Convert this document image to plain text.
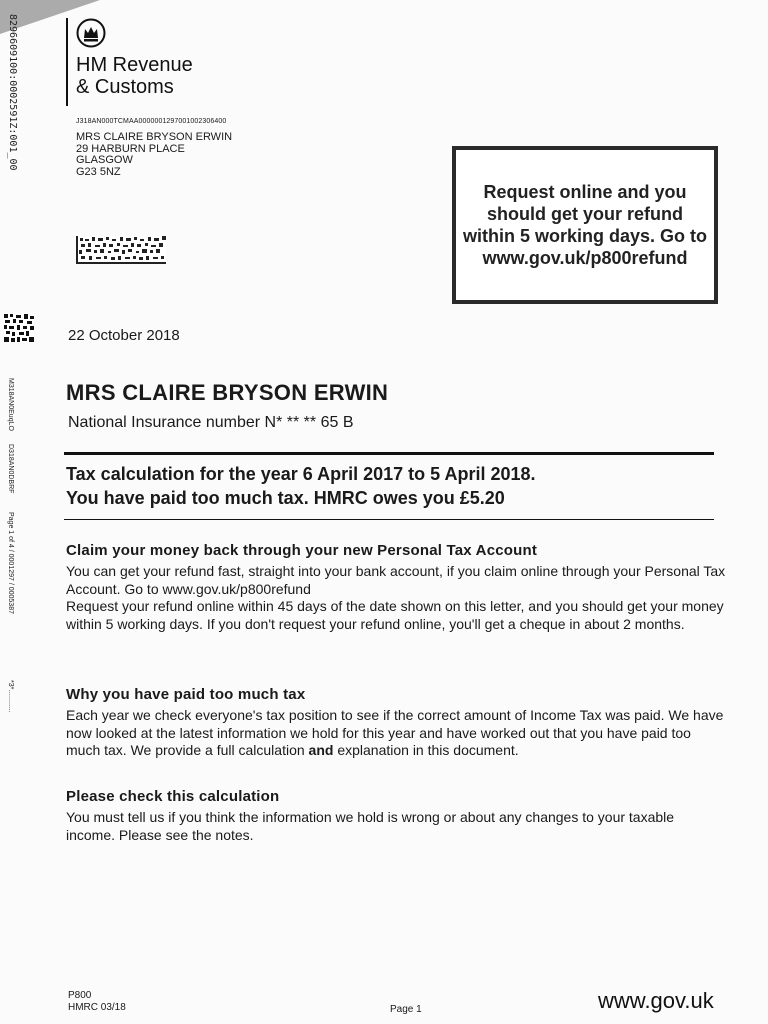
8296609100:0002591Z:001_00
M318AN0EuqLO
D318AN0DBRF
Page 1 of 4 / 0001297 / 0005387
*3*............
HM Revenue
& Customs
J318AN000TCMAA0000001297001002306400
MRS CLAIRE BRYSON ERWIN
29 HARBURN PLACE
GLASGOW
G23 5NZ
Request online and you should get your refund within 5 working days. Go to
www.gov.uk/p800refund
22 October 2018
MRS CLAIRE BRYSON ERWIN
National Insurance number N* ** ** 65 B
Tax calculation for the year 6 April 2017 to 5 April 2018.
You have paid too much tax. HMRC owes you £5.20
Claim your money back through your new Personal Tax Account

You can get your refund fast, straight into your bank account, if you claim online through your Personal Tax Account. Go to www.gov.uk/p800refund

Request your refund online within 45 days of the date shown on this letter, and you should get your money within 5 working days. If you don't request your refund online, you'll get a cheque in about 2 months.

Why you have paid too much tax

Each year we check everyone's tax position to see if the correct amount of Income Tax was paid. We have now looked at the latest information we hold for this year and have worked out that you have paid too much tax. We provide a full calculation and explanation in this document.

Please check this calculation

You must tell us if you think the information we hold is wrong or about any changes to your taxable income. Please see the notes.

P800
HMRC 03/18	Page 1	www.gov.uk
